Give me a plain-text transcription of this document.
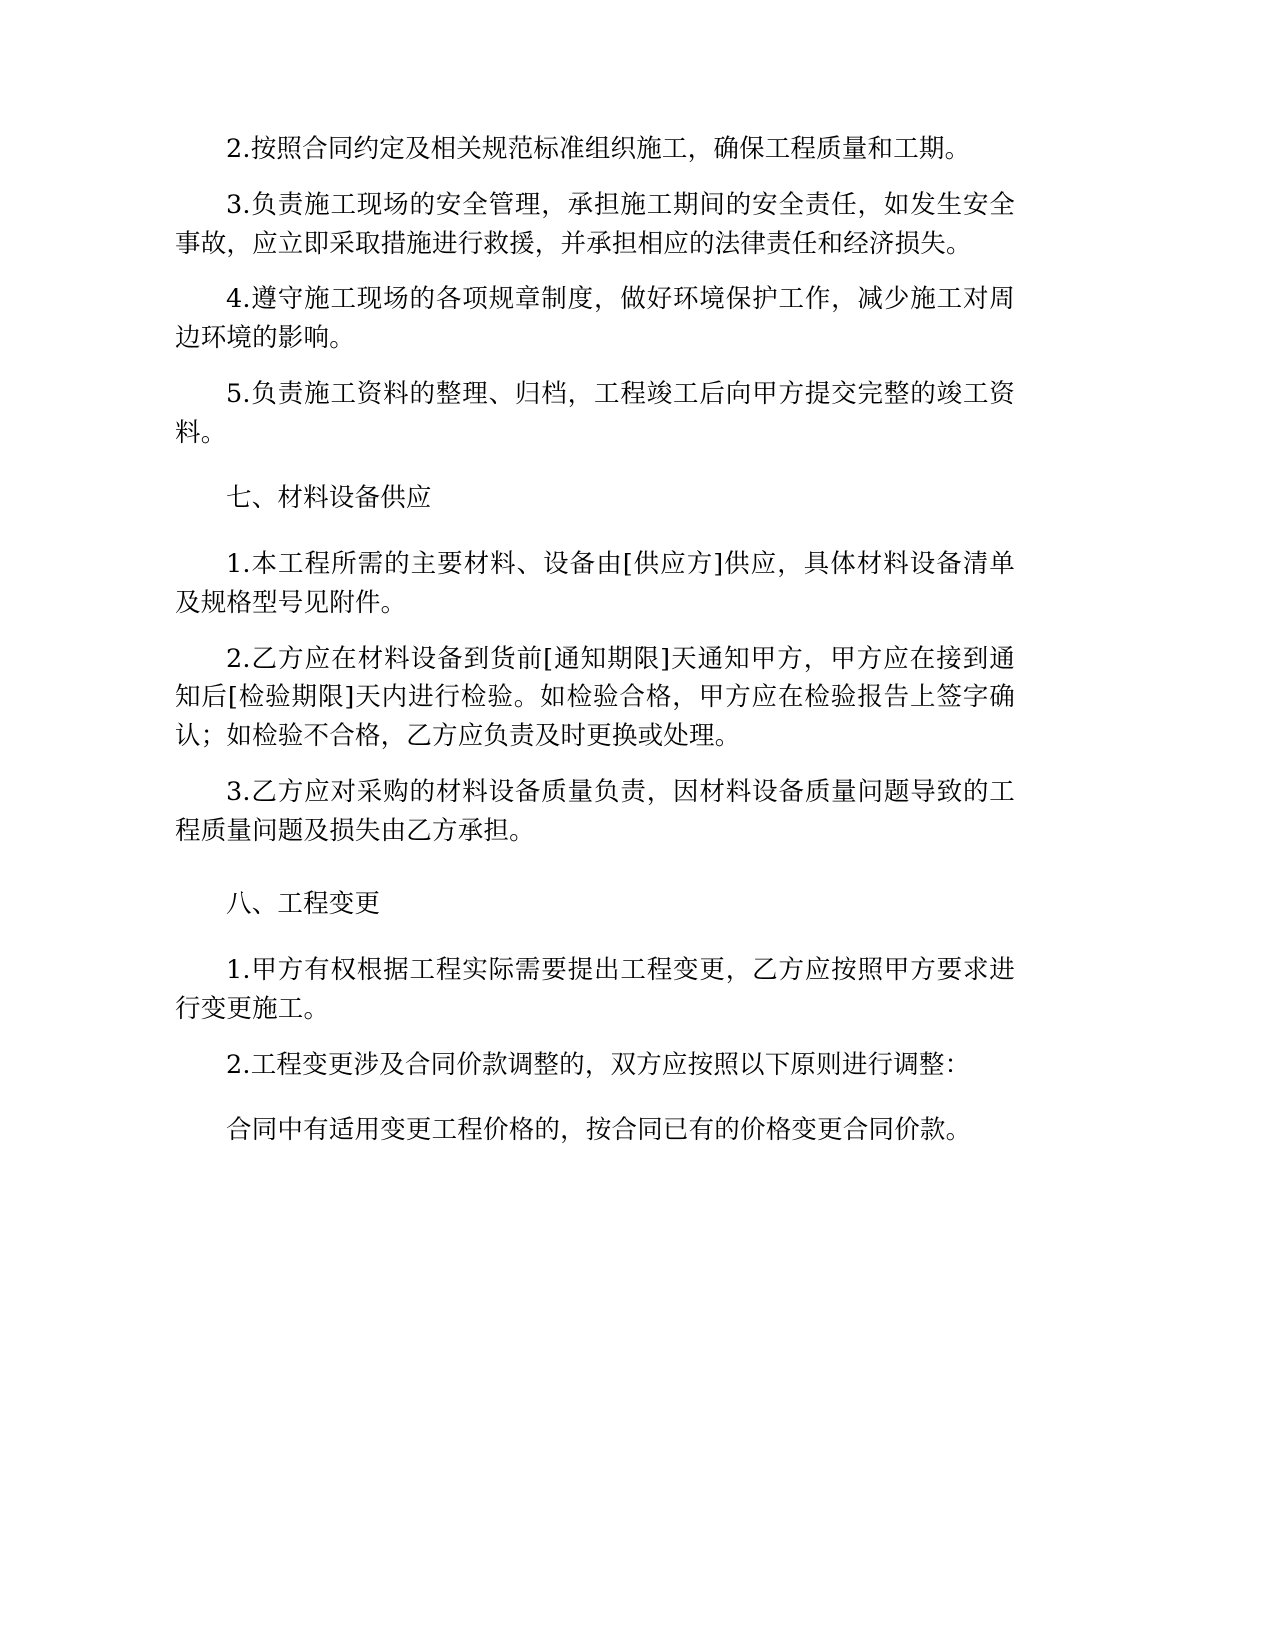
2.按照合同约定及相关规范标准组织施工，确保工程质量和工期。

3.负责施工现场的安全管理，承担施工期间的安全责任，如发生安全事故，应立即采取措施进行救援，并承担相应的法律责任和经济损失。

4.遵守施工现场的各项规章制度，做好环境保护工作，减少施工对周边环境的影响。

5.负责施工资料的整理、归档，工程竣工后向甲方提交完整的竣工资料。

七、材料设备供应

1.本工程所需的主要材料、设备由[供应方]供应，具体材料设备清单及规格型号见附件。

2.乙方应在材料设备到货前[通知期限]天通知甲方，甲方应在接到通知后[检验期限]天内进行检验。如检验合格，甲方应在检验报告上签字确认；如检验不合格，乙方应负责及时更换或处理。

3.乙方应对采购的材料设备质量负责，因材料设备质量问题导致的工程质量问题及损失由乙方承担。

八、工程变更

1.甲方有权根据工程实际需要提出工程变更，乙方应按照甲方要求进行变更施工。

2.工程变更涉及合同价款调整的，双方应按照以下原则进行调整：

合同中有适用变更工程价格的，按合同已有的价格变更合同价款。
